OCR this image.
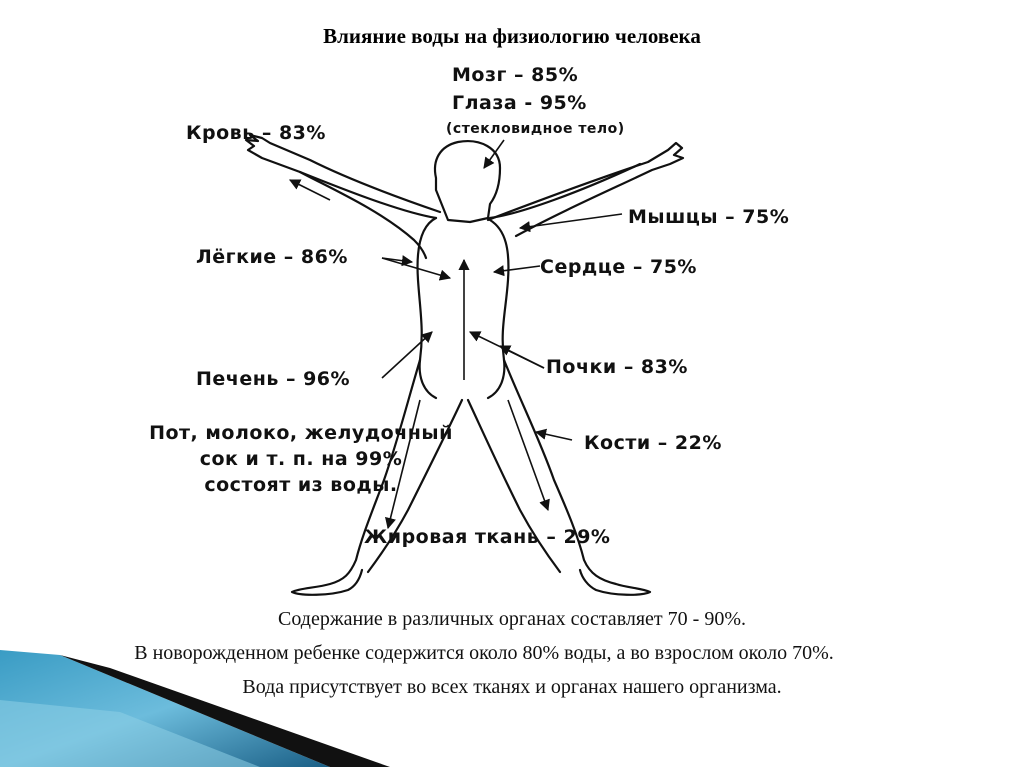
Влияние воды на физиологию человека
Мозг – 85%
Глаза - 95%
(стекловидное тело)
Кровь – 83%
Мышцы – 75%
Лёгкие – 86%	Сердце – 75%
Почки – 83%
Печень – 96%
Пот, молоко, желудочный
сок и т. п. на 99%
состоят из воды.
Кости – 22%
Жировая ткань – 29%
Содержание в различных органах составляет 70 - 90%.
В новорожденном ребенке содержится около 80% воды, а во взрослом около 70%.
Вода присутствует во всех тканях и органах нашего организма.
